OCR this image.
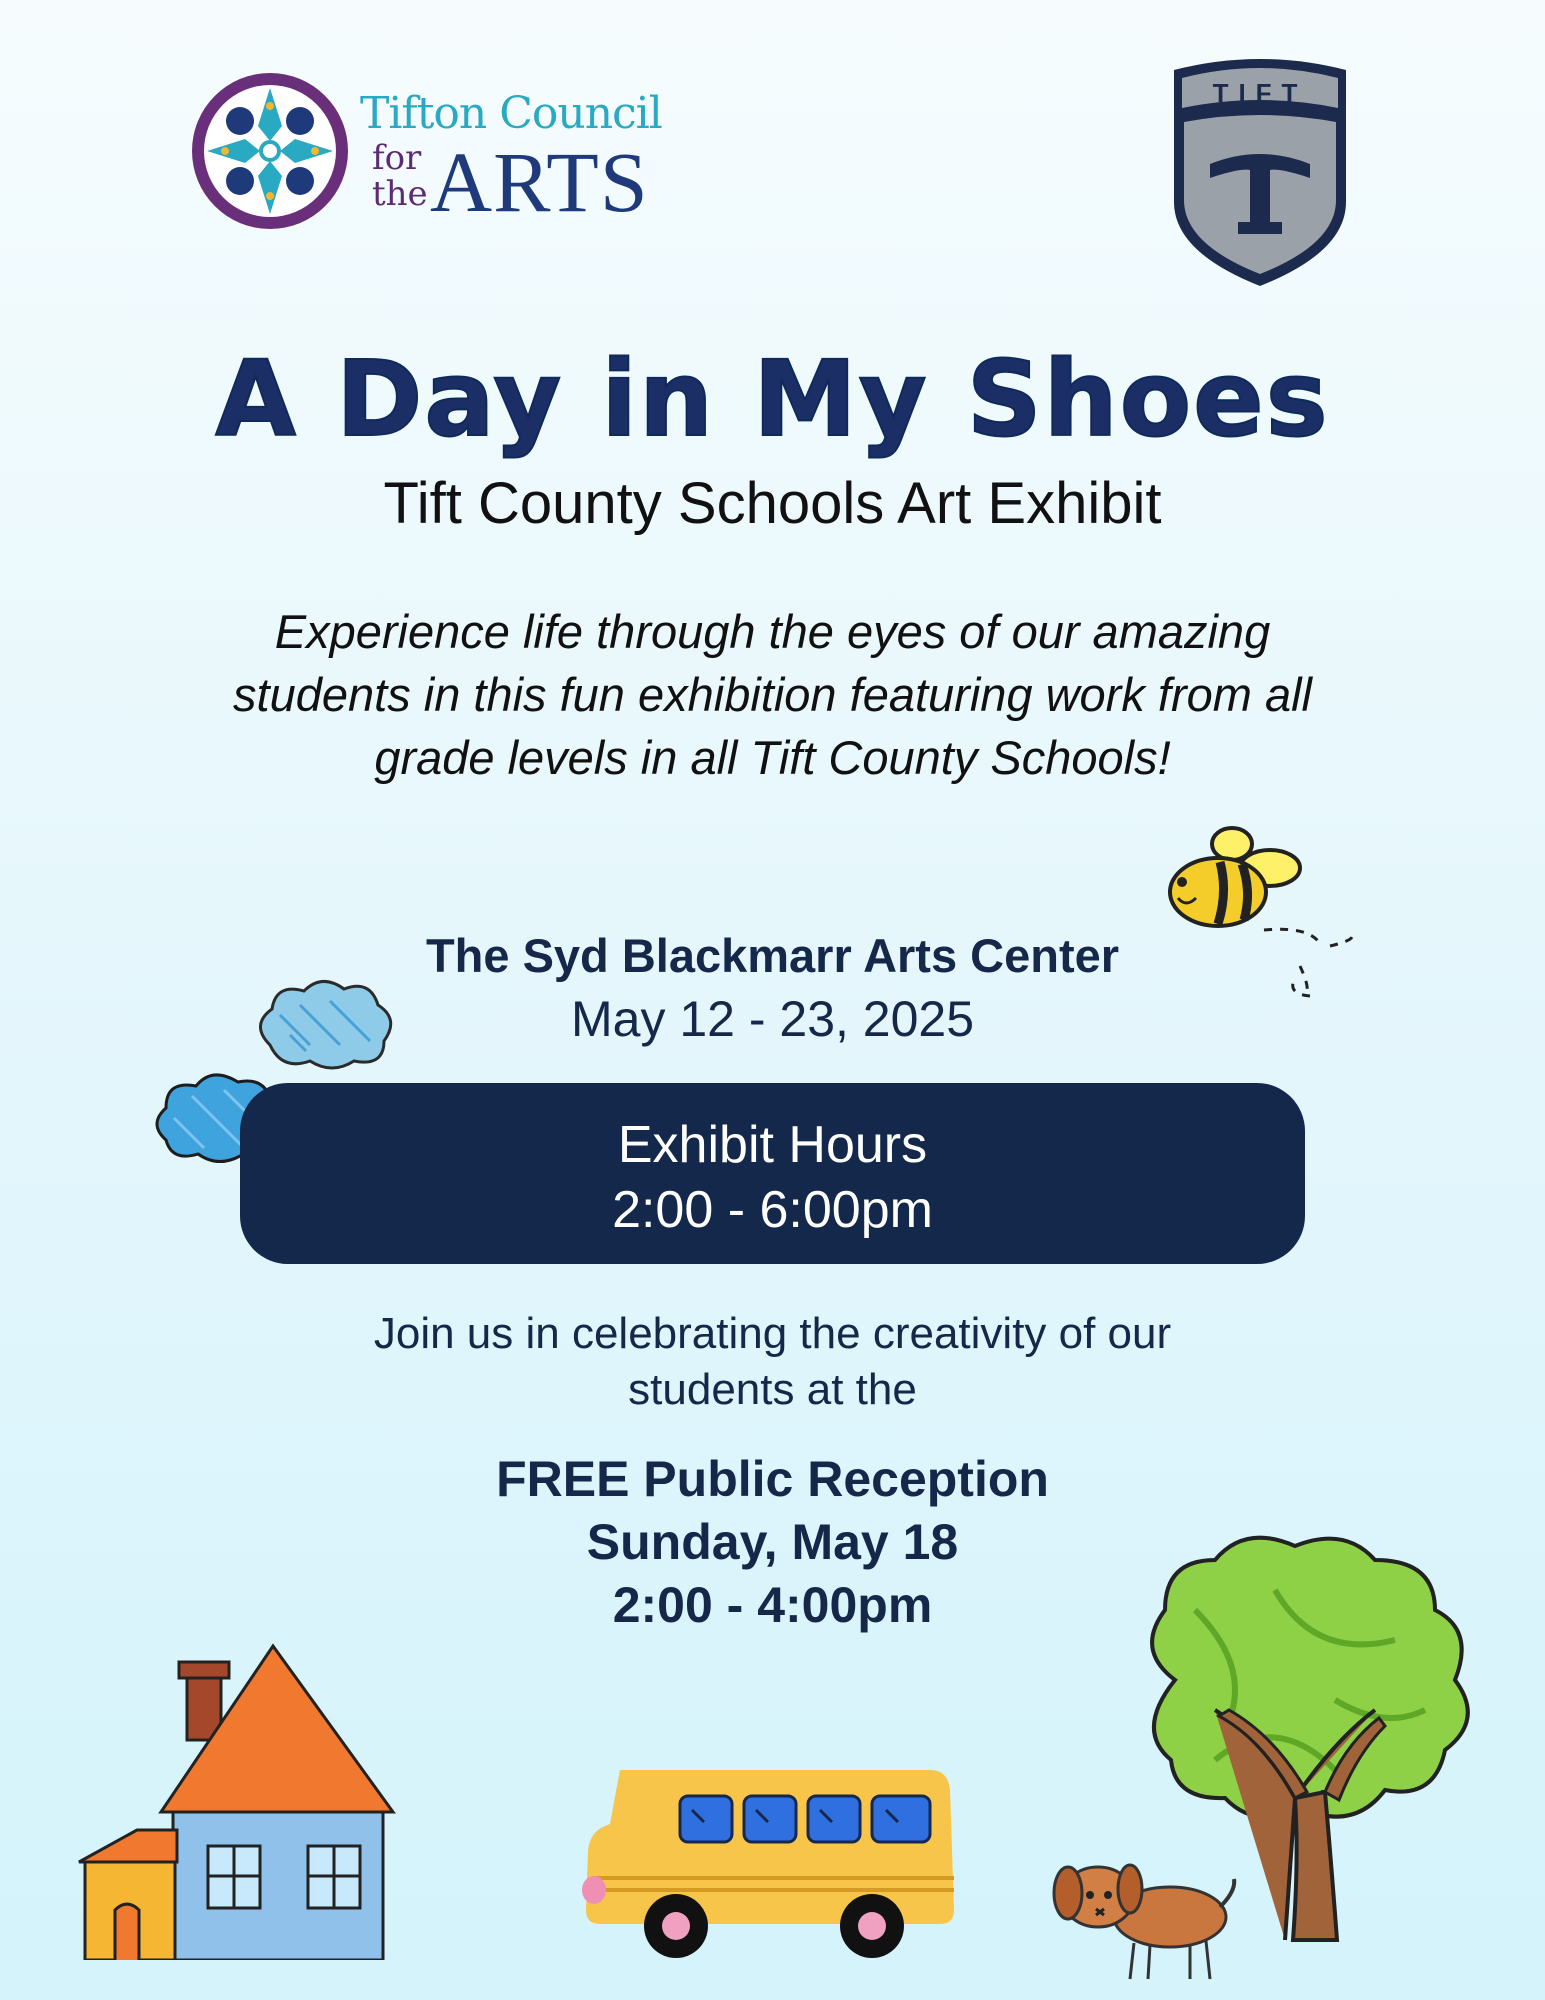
Tifton Council
for
the ARTS
TIFT
A Day in My Shoes
Tift County Schools Art Exhibit
Experience life through the eyes of our amazing students in this fun exhibition featuring work from all grade levels in all Tift County Schools!
The Syd Blackmarr Arts Center
May 12 - 23, 2025
Exhibit Hours
2:00 - 6:00pm
Join us in celebrating the creativity of our students at the
FREE Public Reception
Sunday, May 18
2:00 - 4:00pm
